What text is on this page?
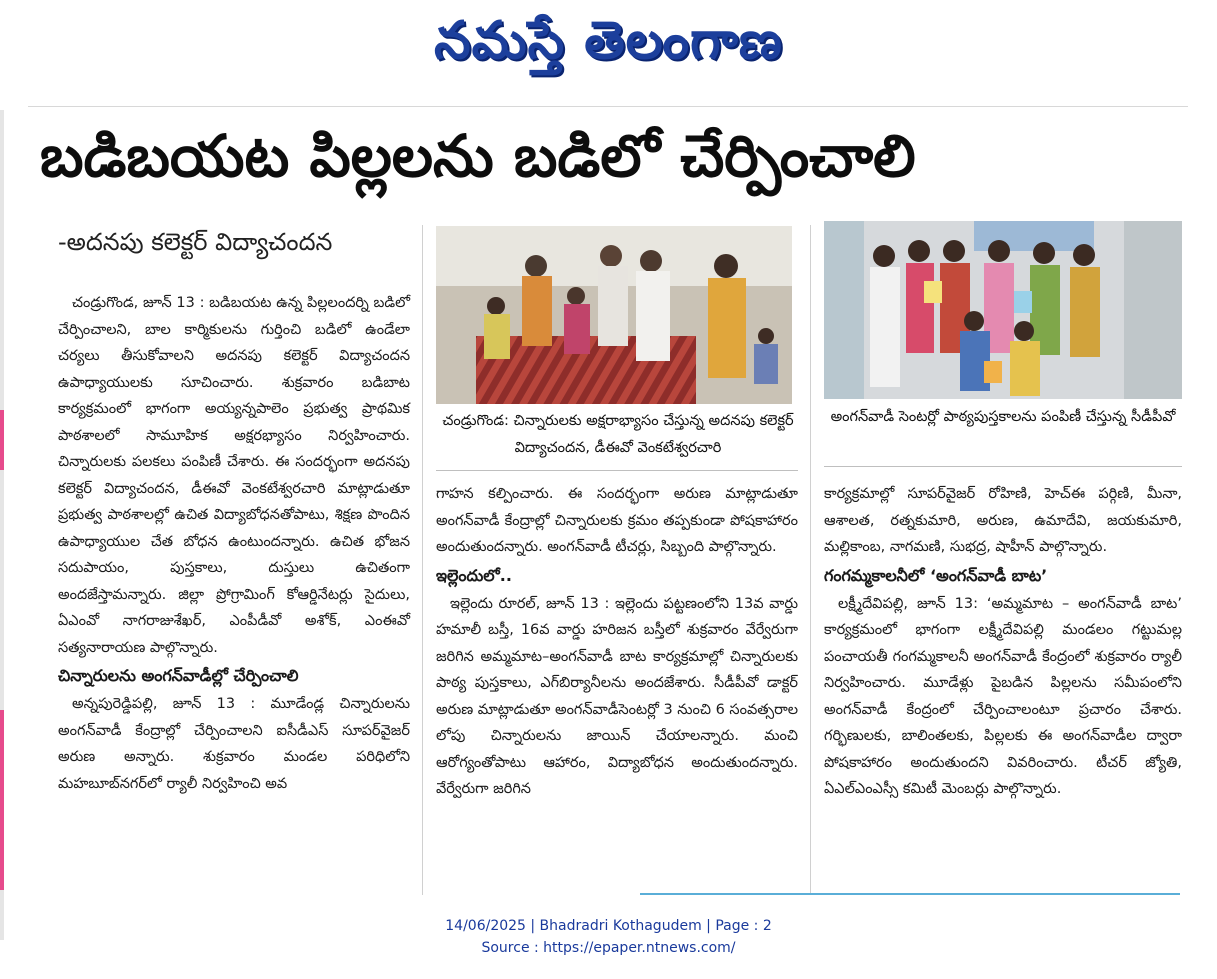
నమస్తే తెలంగాణ
బడిబయట పిల్లలను బడిలో చేర్పించాలి
-అదనపు కలెక్టర్ విద్యాచందన

చండ్రుగొండ, జూన్ 13 : బడిబయట ఉన్న పిల్లలందర్ని బడిలో చేర్పించాలని, బాల కార్మికులను గుర్తించి బడిలో ఉండేలా చర్యలు తీసుకోవాలని అదనపు కలెక్టర్ విద్యాచందన ఉపాధ్యాయులకు సూచించారు. శుక్రవారం బడిబాట కార్యక్రమంలో భాగంగా అయ్యన్నపాలెం ప్రభుత్వ ప్రాథమిక పాఠశాలలో సామూహిక అక్షరభ్యాసం నిర్వహించారు. చిన్నారులకు పలకలు పంపిణీ చేశారు. ఈ సందర్భంగా అదనపు కలెక్టర్ విద్యాచందన, డీఈవో వెంకటేశ్వరచారి మాట్లాడుతూ ప్రభుత్వ పాఠశాలల్లో ఉచిత విద్యాబోధనతోపాటు, శిక్షణ పొందిన ఉపాధ్యాయుల చేత బోధన ఉంటుందన్నారు. ఉచిత భోజన సదుపాయం, పుస్తకాలు, దుస్తులు ఉచితంగా అందజేస్తామన్నారు. జిల్లా ప్రోగ్రామింగ్ కోఆర్డినేటర్లు సైదులు, ఏఎంవో నాగరాజుశేఖర్, ఎంపీడీవో అశోక్, ఎంఈవో సత్యనారాయణ పాల్గొన్నారు.

చిన్నారులను అంగన్‌వాడీల్లో చేర్పించాలి

అన్నపురెడ్డిపల్లి, జూన్ 13 : మూడేండ్ల చిన్నారులను అంగన్‌వాడీ కేంద్రాల్లో చేర్పించాలని ఐసీడీఎస్ సూపర్‌వైజర్ అరుణ అన్నారు. శుక్రవారం మండల పరిధిలోని మహబూబ్‌నగర్‌లో ర్యాలీ నిర్వహించి అవ

చండ్రుగొండ: చిన్నారులకు అక్షరాభ్యాసం చేస్తున్న అదనపు కలెక్టర్ విద్యాచందన, డీఈవో వెంకటేశ్వరచారి
అంగన్‌వాడీ సెంటర్లో పాఠ్యపుస్తకాలను పంపిణీ చేస్తున్న సీడీపీవో

గాహన కల్పించారు. ఈ సందర్భంగా అరుణ మాట్లాడుతూ అంగన్‌వాడీ కేంద్రాల్లో చిన్నారులకు క్రమం తప్పకుండా పోషకాహారం అందుతుందన్నారు. అంగన్‌వాడీ టీచర్లు, సిబ్బంది పాల్గొన్నారు.

ఇల్లెందులో..

ఇల్లెందు రూరల్, జూన్ 13 : ఇల్లెందు పట్టణంలోని 13వ వార్డు హమాలీ బస్తీ, 16వ వార్డు హరిజన బస్తీలో శుక్రవారం వేర్వేరుగా జరిగిన అమ్మమాట–అంగన్‌వాడీ బాట కార్యక్రమాల్లో చిన్నారులకు పాఠ్య పుస్తకాలు, ఎగ్‌బిర్యానీలను అందజేశారు. సీడీపీవో డాక్టర్ అరుణ మాట్లాడుతూ అంగన్‌వాడీసెంటర్లో 3 నుంచి 6 సంవత్సరాల లోపు చిన్నారులను జాయిన్ చేయాలన్నారు. మంచి ఆరోగ్యంతోపాటు ఆహారం, విద్యాబోధన అందుతుందన్నారు. వేర్వేరుగా జరిగిన

కార్యక్రమాల్లో సూపర్‌వైజర్ రోహిణి, హెచ్ఈ పర్గిణి, మీనా, ఆశాలత, రత్నకుమారి, అరుణ, ఉమాదేవి, జయకుమారి, మల్లికాంబ, నాగమణి, సుభద్ర, షాహీన్ పాల్గొన్నారు.

గంగమ్మకాలనీలో ‘అంగన్‌వాడీ బాట’

లక్ష్మీదేవిపల్లి, జూన్ 13: ‘అమ్మమాట – అంగన్‌వాడీ బాట’ కార్యక్రమంలో భాగంగా లక్ష్మీదేవిపల్లి మండలం గట్టుమల్ల పంచాయతీ గంగమ్మకాలనీ అంగన్‌వాడీ కేంద్రంలో శుక్రవారం ర్యాలీ నిర్వహించారు. మూడేళ్లు పైబడిన పిల్లలను సమీపంలోని అంగన్‌వాడీ కేంద్రంలో చేర్పించాలంటూ ప్రచారం చేశారు. గర్భిణులకు, బాలింతలకు, పిల్లలకు ఈ అంగన్‌వాడీల ద్వారా పోషకాహారం అందుతుందని వివరించారు. టీచర్ జ్యోతి, ఏఎల్ఎంఎస్సీ కమిటీ మెంబర్లు పాల్గొన్నారు.

14/06/2025 | Bhadradri Kothagudem | Page : 2
Source : https://epaper.ntnews.com/
